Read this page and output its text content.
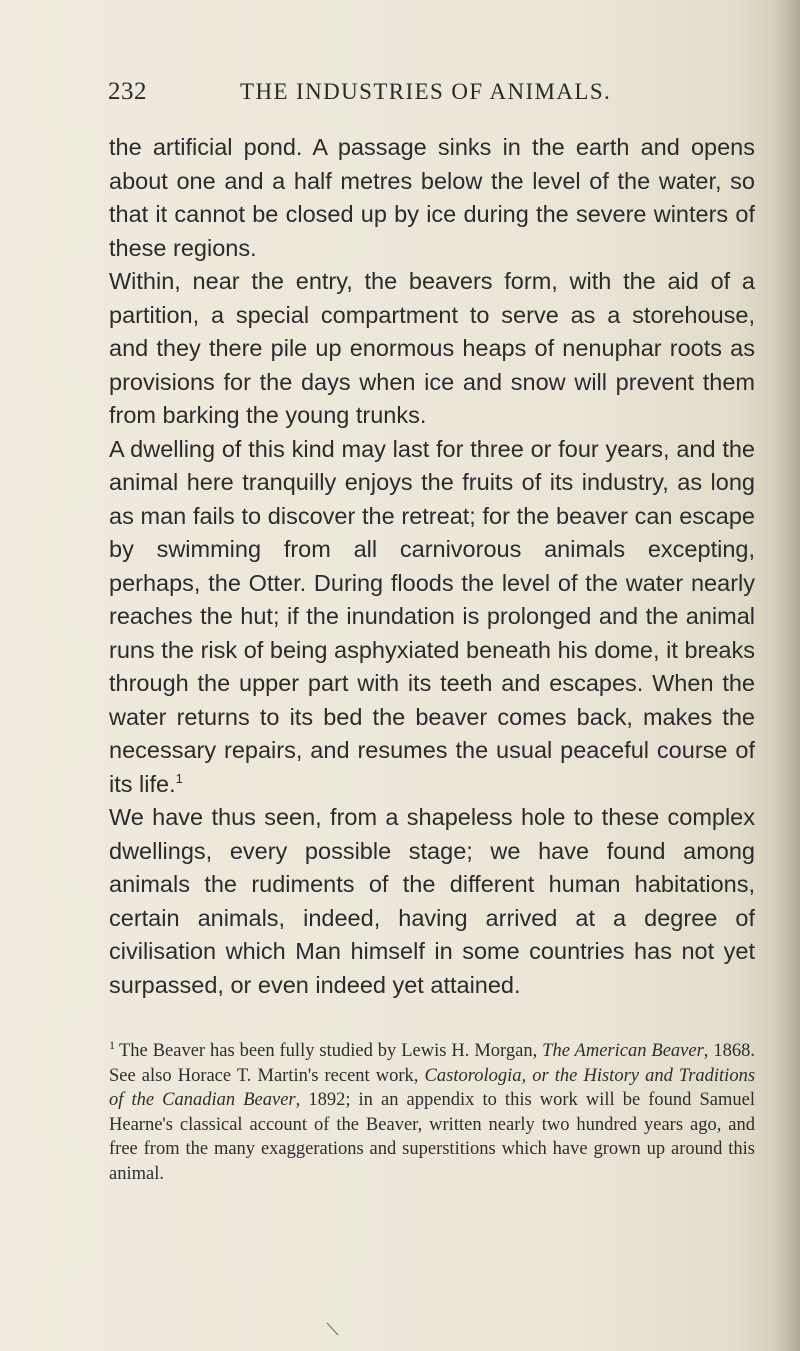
232	THE INDUSTRIES OF ANIMALS.

the artificial pond. A passage sinks in the earth and opens about one and a half metres below the level of the water, so that it cannot be closed up by ice during the severe winters of these regions.

Within, near the entry, the beavers form, with the aid of a partition, a special compartment to serve as a storehouse, and they there pile up enormous heaps of nenuphar roots as provisions for the days when ice and snow will prevent them from barking the young trunks.

A dwelling of this kind may last for three or four years, and the animal here tranquilly enjoys the fruits of its industry, as long as man fails to discover the retreat; for the beaver can escape by swimming from all carnivorous animals excepting, perhaps, the Otter. During floods the level of the water nearly reaches the hut; if the inundation is prolonged and the animal runs the risk of being asphyxiated beneath his dome, it breaks through the upper part with its teeth and escapes. When the water returns to its bed the beaver comes back, makes the necessary repairs, and resumes the usual peaceful course of its life.$^1$

We have thus seen, from a shapeless hole to these complex dwellings, every possible stage; we have found among animals the rudiments of the different human habitations, certain animals, indeed, having arrived at a degree of civilisation which Man himself in some countries has not yet surpassed, or even indeed yet attained.

$^1$ The Beaver has been fully studied by Lewis H. Morgan, The American Beaver, 1868. See also Horace T. Martin's recent work, Castorologia, or the History and Traditions of the Canadian Beaver, 1892; in an appendix to this work will be found Samuel Hearne's classical account of the Beaver, written nearly two hundred years ago, and free from the many exaggerations and superstitions which have grown up around this animal.
